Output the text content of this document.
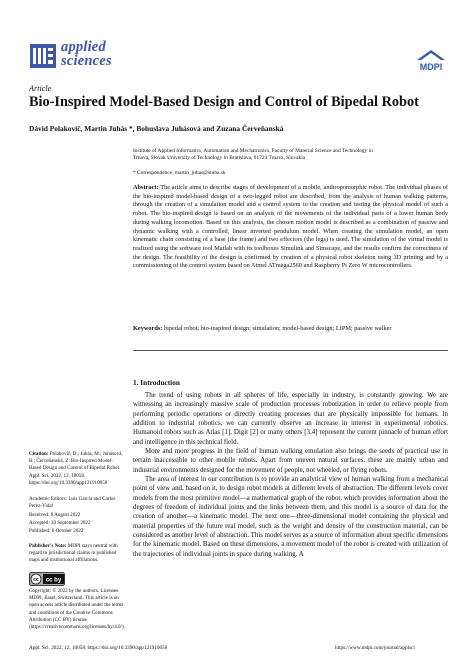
applied
sciences	MDPI
Article
Bio-Inspired Model-Based Design and Control of Bipedal Robot
Dávid Polakovič, Martin Juhás *, Bohuslava Juhásová and Zuzana Červeňanská
Institute of Applied Informatics, Automation and Mechatronics, Faculty of Material Science and Technology in
Trnava, Slovak University of Technology in Bratislava, 91724 Trnava, Slovakia
* Correspondence: martin_juhas@stuba.sk
Abstract: The article aims to describe stages of development of a mobile, anthropomorphic robot. The individual phases of the bio-inspired model-based design of a two-legged robot are described, from the analysis of human walking patterns, through the creation of a simulation model and a control system to the creation and testing the physical model of such a robot. The bio-inspired design is based on an analysis of the movements of the individual parts of a lower human body during walking locomotion. Based on this analysis, the chosen motion model is described as a combination of passive and dynamic walking with a controlled, linear inverted pendulum model. When creating the simulation model, an open kinematic chain consisting of a base (the frame) and two effectors (the legs) is used. The simulation of the virtual model is realized using the software tool Matlab with its toolboxes Simulink and Simscape, and the results confirm the correctness of the design. The feasibility of the design is confirmed by creation of a physical robot skeleton using 3D printing and by a commissioning of the control system based on Atmel ATmega2560 and Raspberry Pi Zero W microcontrollers.
Keywords: bipedal robot; bio-inspired design; simulation; model-based design; LIPM; passive walker
Citation: Polakovič, D.; Juhás, M.; Juhásová, B.; Červeňanská, Z. Bio-Inspired Model-Based Design and Control of Bipedal Robot. Appl. Sci. 2022, 12, 10058. https://doi.org/10.3390/app121910058
Academic Editors: Luis Garcia and Carlos Perez-Vidal
Received: 8 August 2022
Accepted: 30 September 2022
Published: 6 October 2022
Publisher's Note: MDPI stays neutral with regard to jurisdictional claims in published maps and institutional affiliations.
cc cc by
Copyright: © 2022 by the authors. Licensee MDPI, Basel, Switzerland. This article is an open access article distributed under the terms and conditions of the Creative Commons Attribution (CC BY) license (https://creativecommons.org/licenses/by/4.0/).
1. Introduction

The trend of using robots in all spheres of life, especially in industry, is constantly growing. We are witnessing an increasingly massive scale of production processes robotization in order to relieve people from performing periodic operations or directly creating processes that are physically impossible for humans. In addition to industrial robotics, we can currently observe an increase in interest in experimental robotics. Humanoid robots such as Atlas [1], Digit [2] or many others [3,4] represent the current pinnacle of human effort and intelligence in this technical field.

More and more progress in the field of human walking emulation also brings the seeds of practical use in terrain inaccessible to other mobile robots. Apart from uneven natural surfaces, these are mainly urban and industrial environments designed for the movement of people, not wheeled, or flying robots.

The area of interest in our contribution is to provide an analytical view of human walking from a mechanical point of view and, based on it, to design robot models at different levels of abstraction. The different levels cover models from the most primitive model—a mathematical graph of the robot, which provides information about the degrees of freedom of individual joints and the links between them, and this model is a source of data for the creation of another—a kinematic model. The next one—three-dimensional model containing the physical and material properties of the future real model, such as the weight and density of the construction material, can be considered as another level of abstraction. This model serves as a source of information about specific dimensions for the kinematic model. Based on these dimensions, a movement model of the robot is created with utilization of the trajectories of individual joints in space during walking. A

Appl. Sci. 2022, 12, 10058. https://doi.org/10.3390/app121910058	https://www.mdpi.com/journal/applsci
